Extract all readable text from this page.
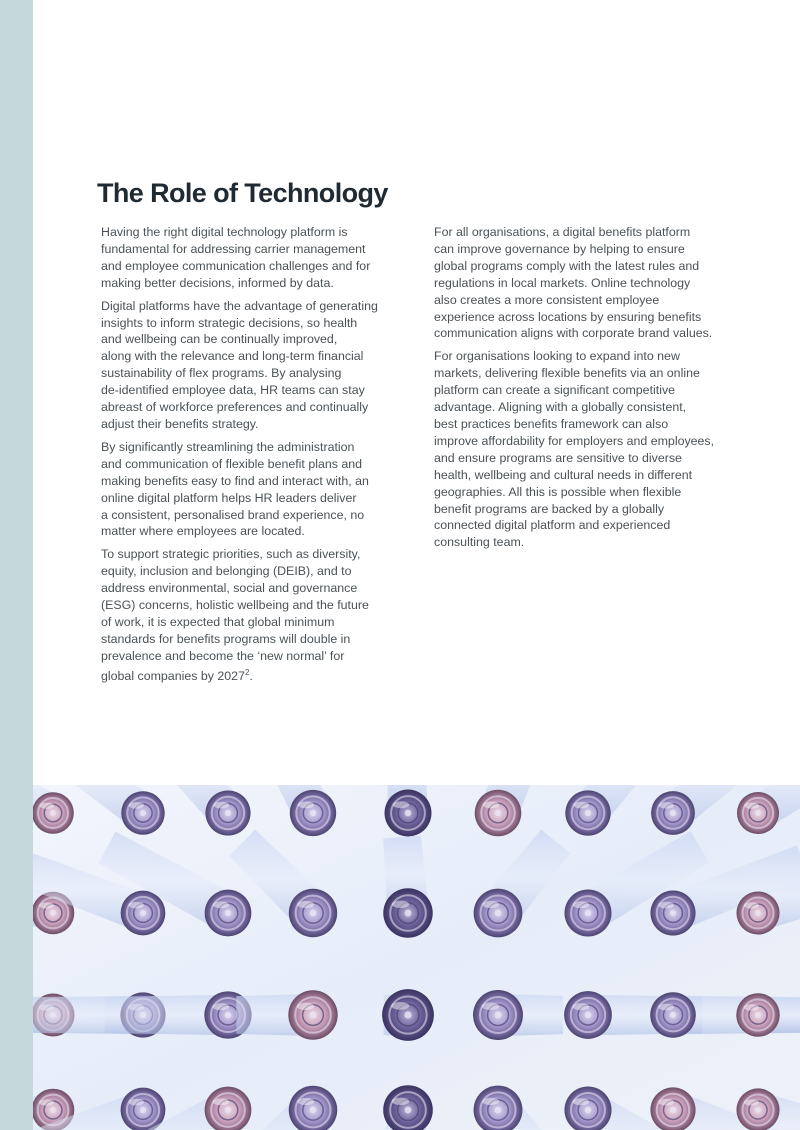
The Role of Technology

Having the right digital technology platform is
fundamental for addressing carrier management
and employee communication challenges and for
making better decisions, informed by data.

Digital platforms have the advantage of generating
insights to inform strategic decisions, so health
and wellbeing can be continually improved,
along with the relevance and long-term financial
sustainability of flex programs. By analysing
de-identified employee data, HR teams can stay
abreast of workforce preferences and continually
adjust their benefits strategy.

By significantly streamlining the administration
and communication of flexible benefit plans and
making benefits easy to find and interact with, an
online digital platform helps HR leaders deliver
a consistent, personalised brand experience, no
matter where employees are located.

To support strategic priorities, such as diversity,
equity, inclusion and belonging (DEIB), and to
address environmental, social and governance
(ESG) concerns, holistic wellbeing and the future
of work, it is expected that global minimum
standards for benefits programs will double in
prevalence and become the ‘new normal’ for
global companies by 2027$^2$.

For all organisations, a digital benefits platform
can improve governance by helping to ensure
global programs comply with the latest rules and
regulations in local markets. Online technology
also creates a more consistent employee
experience across locations by ensuring benefits
communication aligns with corporate brand values.

For organisations looking to expand into new
markets, delivering flexible benefits via an online
platform can create a significant competitive
advantage. Aligning with a globally consistent,
best practices benefits framework can also
improve affordability for employers and employees,
and ensure programs are sensitive to diverse
health, wellbeing and cultural needs in different
geographies. All this is possible when flexible
benefit programs are backed by a globally
connected digital platform and experienced
consulting team.
